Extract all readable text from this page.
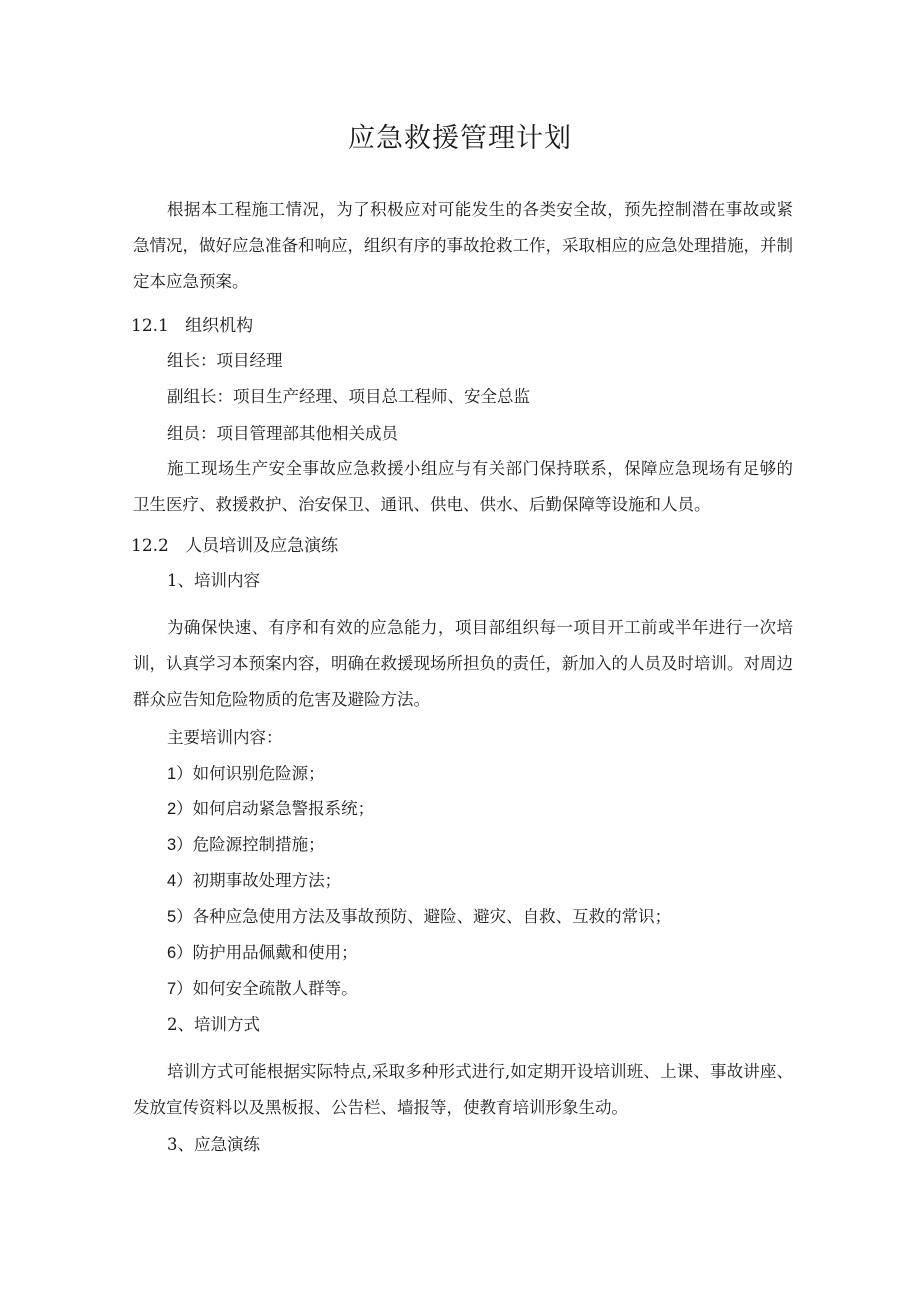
应急救援管理计划
根据本工程施工情况，为了积极应对可能发生的各类安全故，预先控制潜在事故或紧急情况，做好应急准备和响应，组织有序的事故抢救工作，采取相应的应急处理措施，并制定本应急预案。
12.1   组织机构
组长：项目经理
副组长：项目生产经理、项目总工程师、安全总监
组员：项目管理部其他相关成员
施工现场生产安全事故应急救援小组应与有关部门保持联系，保障应急现场有足够的卫生医疗、救援救护、治安保卫、通讯、供电、供水、后勤保障等设施和人员。
12.2   人员培训及应急演练
1、培训内容
为确保快速、有序和有效的应急能力，项目部组织每一项目开工前或半年进行一次培训，认真学习本预案内容，明确在救援现场所担负的责任，新加入的人员及时培训。对周边群众应告知危险物质的危害及避险方法。
主要培训内容：
1）如何识别危险源；
2）如何启动紧急警报系统；
3）危险源控制措施；
4）初期事故处理方法；
5）各种应急使用方法及事故预防、避险、避灾、自救、互救的常识；
6）防护用品佩戴和使用；
7）如何安全疏散人群等。
2、培训方式
培训方式可能根据实际特点,采取多种形式进行,如定期开设培训班、上课、事故讲座、发放宣传资料以及黑板报、公告栏、墙报等，使教育培训形象生动。
3、应急演练
